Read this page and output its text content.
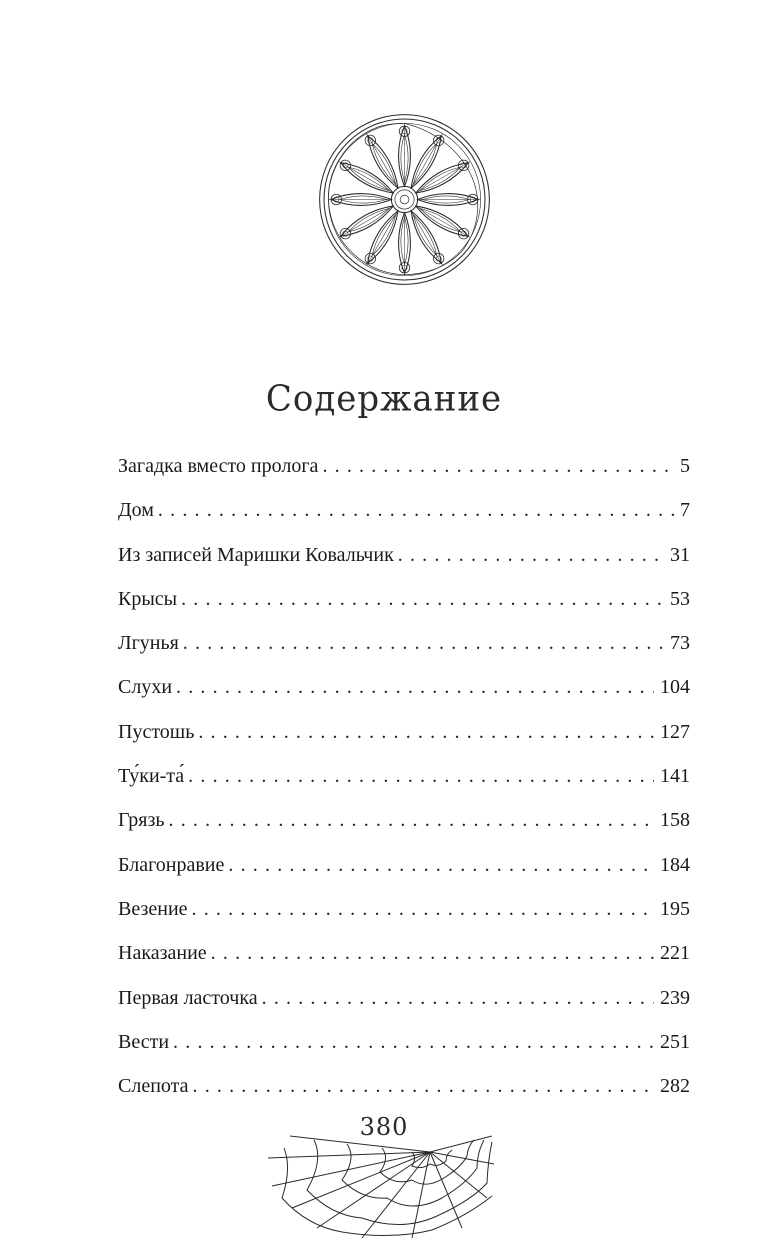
Содержание
Загадка вместо пролога . . .	5
Дом . . .	7
Из записей Маришки Ковальчик . . .	31
Крысы . . .	53
Лгунья . . .	73
Слухи . . .	104
Пустошь . . .	127
Ту́ки-та́ . . .	141
Грязь . . .	158
Благонравие . . .	184
Везение . . .	195
Наказание . . .	221
Первая ласточка . . .	239
Вести . . .	251
Слепота . . .	282
380
